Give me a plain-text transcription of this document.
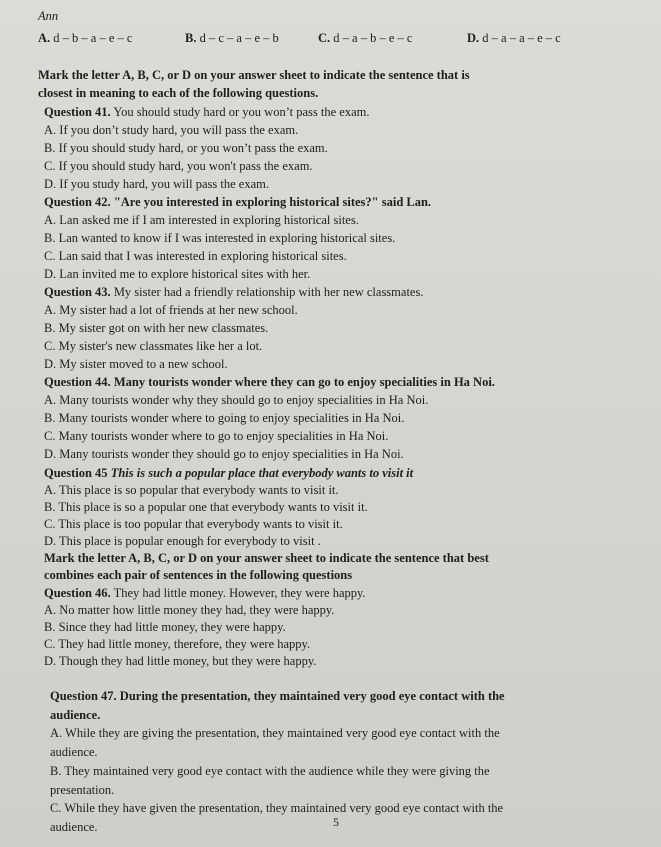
Ann
A. d – b – a – e – c	B. d – c – a – e – b	C. d – a – b – e – c	D. d – a – a – e – c
Mark the letter A, B, C, or D on your answer sheet to indicate the sentence that is
closest in meaning to each of the following questions.
Question 41. You should study hard or you won’t pass the exam.
A. If you don’t study hard, you will pass the exam.
B. If you should study hard, or you won’t pass the exam.
C. If you should study hard, you won't pass the exam.
D. If you study hard, you will pass the exam.
Question 42. "Are you interested in exploring historical sites?" said Lan.
A. Lan asked me if I am interested in exploring historical sites.
B. Lan wanted to know if I was interested in exploring historical sites.
C. Lan said that I was interested in exploring historical sites.
D. Lan invited me to explore historical sites with her.
Question 43. My sister had a friendly relationship with her new classmates.
A. My sister had a lot of friends at her new school.
B. My sister got on with her new classmates.
C. My sister's new classmates like her a lot.
D. My sister moved to a new school.
Question 44. Many tourists wonder where they can go to enjoy specialities in Ha Noi.
A. Many tourists wonder why they should go to enjoy specialities in Ha Noi.
B. Many tourists wonder where to going to enjoy specialities in Ha Noi.
C. Many tourists wonder where to go to enjoy specialities in Ha Noi.
D. Many tourists wonder they should go to enjoy specialities in Ha Noi.
Question 45 This is such a popular place that everybody wants to visit it
A. This place is so popular that everybody wants to visit it.
B. This place is so a popular one that everybody wants to visit it.
C. This place is too popular that everybody wants to visit it.
D. This place is popular enough for everybody to visit .
Mark the letter A, B, C, or D on your answer sheet to indicate the sentence that best
combines each pair of sentences in the following questions
Question 46. They had little money. However, they were happy.
A. No matter how little money they had, they were happy.
B. Since they had little money, they were happy.
C. They had little money, therefore, they were happy.
D. Though they had little money, but they were happy.
Question 47. During the presentation, they maintained very good eye contact with the
audience.
A. While they are giving the presentation, they maintained very good eye contact with the
audience.
B. They maintained very good eye contact with the audience while they were giving the
presentation.
C. While they have given the presentation, they maintained very good eye contact with the
audience.	5
